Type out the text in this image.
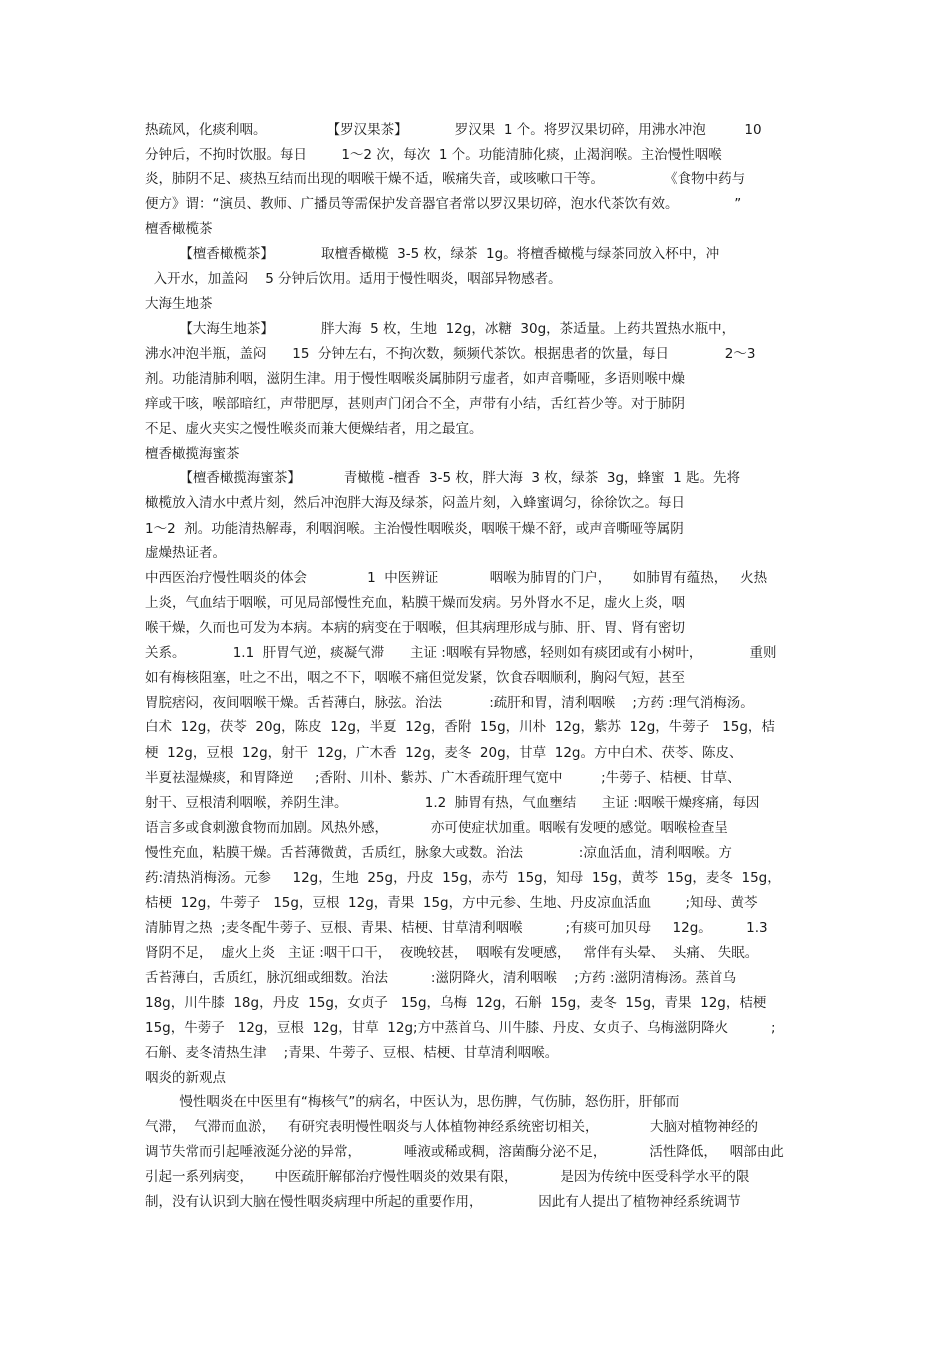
热疏风，化痰利咽。              【罗汉果茶】           罗汉果  1 个。将罗汉果切碎，用沸水冲泡         10
分钟后，不拘时饮服。每日        1～2 次，每次  1 个。功能清肺化痰，止渴润喉。主治慢性咽喉
炎，肺阴不足、痰热互结而出现的咽喉干燥不适，喉痛失音，或咳嗽口干等。              《食物中药与
便方》谓：“演员、教师、广播员等需保护发音器官者常以罗汉果切碎，泡水代茶饮有效。             ”
檀香橄榄茶
【檀香橄榄茶】           取檀香橄榄  3-5 枚，绿茶  1g。将檀香橄榄与绿茶同放入杯中，冲
入开水，加盖闷    5 分钟后饮用。适用于慢性咽炎，咽部异物感者。
大海生地茶
【大海生地茶】           胖大海  5 枚，生地  12g，冰糖  30g，茶适量。上药共置热水瓶中，
沸水冲泡半瓶，盖闷      15  分钟左右，不拘次数，频频代茶饮。根据患者的饮量，每日             2～3
剂。功能清肺利咽，滋阴生津。用于慢性咽喉炎属肺阴亏虚者，如声音嘶哑，多语则喉中燥
痒或干咳，喉部暗红，声带肥厚，甚则声门闭合不全，声带有小结，舌红苔少等。对于肺阴
不足、虚火夹实之慢性喉炎而兼大便燥结者，用之最宜。
檀香橄揽海蜜茶
【檀香橄揽海蜜茶】          青橄榄 -檀香  3-5 枚，胖大海  3 枚，绿茶  3g，蜂蜜  1 匙。先将
橄榄放入清水中煮片刻，然后冲泡胖大海及绿茶，闷盖片刻，入蜂蜜调匀，徐徐饮之。每日
1～2  剂。功能清热解毒，利咽润喉。主治慢性咽喉炎，咽喉干燥不舒，或声音嘶哑等属阴
虚燥热证者。
中西医治疗慢性咽炎的体会              1  中医辨证            咽喉为肺胃的门户，     如肺胃有蕴热，   火热
上炎，气血结于咽喉，可见局部慢性充血，粘膜干燥而发病。另外肾水不足，虚火上炎，咽
喉干燥，久而也可发为本病。本病的病变在于咽喉，但其病理形成与肺、肝、胃、肾有密切
关系。           1.1  肝胃气逆，痰凝气滞      主证 :咽喉有异物感，轻则如有痰团或有小树叶，           重则
如有梅核阻塞，吐之不出，咽之不下，咽喉不痛但觉发紧，饮食吞咽顺利，胸闷气短，甚至
胃脘痞闷，夜间咽喉干燥。舌苔薄白，脉弦。治法           :疏肝和胃，清利咽喉    ;方药 :理气消梅汤。
白术  12g，茯苓  20g，陈皮  12g，半夏  12g，香附  15g，川朴  12g，紫苏  12g，牛蒡子   15g，桔
梗  12g，豆根  12g，射干  12g，广木香  12g，麦冬  20g，甘草  12g。方中白术、茯苓、陈皮、
半夏祛湿燥痰，和胃降逆     ;香附、川朴、紫苏、广木香疏肝理气宽中         ;牛蒡子、桔梗、甘草、
射干、豆根清利咽喉，养阴生津。                  1.2  肺胃有热，气血壅结      主证 :咽喉干燥疼痛，每因
语言多或食刺激食物而加剧。风热外感，          亦可使症状加重。咽喉有发哽的感觉。咽喉检查呈
慢性充血，粘膜干燥。舌苔薄微黄，舌质红，脉象大或数。治法             :凉血活血，清利咽喉。方
药:清热消梅汤。元参     12g，生地  25g，丹皮  15g，赤芍  15g，知母  15g，黄芩  15g，麦冬  15g，
桔梗  12g，牛蒡子   15g，豆根  12g，青果  15g，方中元参、生地、丹皮凉血活血        ;知母、黄芩
清肺胃之热  ;麦冬配牛蒡子、豆根、青果、桔梗、甘草清利咽喉          ;有痰可加贝母     12g。        1.3
肾阴不足，  虚火上炎   主证 :咽干口干，  夜晚较甚，  咽喉有发哽感，   常伴有头晕、  头痛、 失眠。
舌苔薄白，舌质红，脉沉细或细数。治法          :滋阴降火，清利咽喉    ;方药 :滋阴清梅汤。蒸首乌
18g，川牛膝  18g，丹皮  15g，女贞子   15g，乌梅  12g，石斛  15g，麦冬  15g，青果  12g，桔梗
15g，牛蒡子   12g，豆根  12g，甘草  12g;方中蒸首乌、川牛膝、丹皮、女贞子、乌梅滋阴降火          ;
石斛、麦冬清热生津    ;青果、牛蒡子、豆根、桔梗、甘草清利咽喉。
咽炎的新观点
慢性咽炎在中医里有“梅核气”的病名，中医认为，思伤脾，气伤肺，怒伤肝，肝郁而
气滞，  气滞而血淤，   有研究表明慢性咽炎与人体植物神经系统密切相关，            大脑对植物神经的
调节失常而引起唾液涎分泌的异常，          唾液或稀或稠，溶菌酶分泌不足，          活性降低，   咽部由此
引起一系列病变，     中医疏肝解郁治疗慢性咽炎的效果有限，          是因为传统中医受科学水平的限
制，没有认识到大脑在慢性咽炎病理中所起的重要作用，             因此有人提出了植物神经系统调节
